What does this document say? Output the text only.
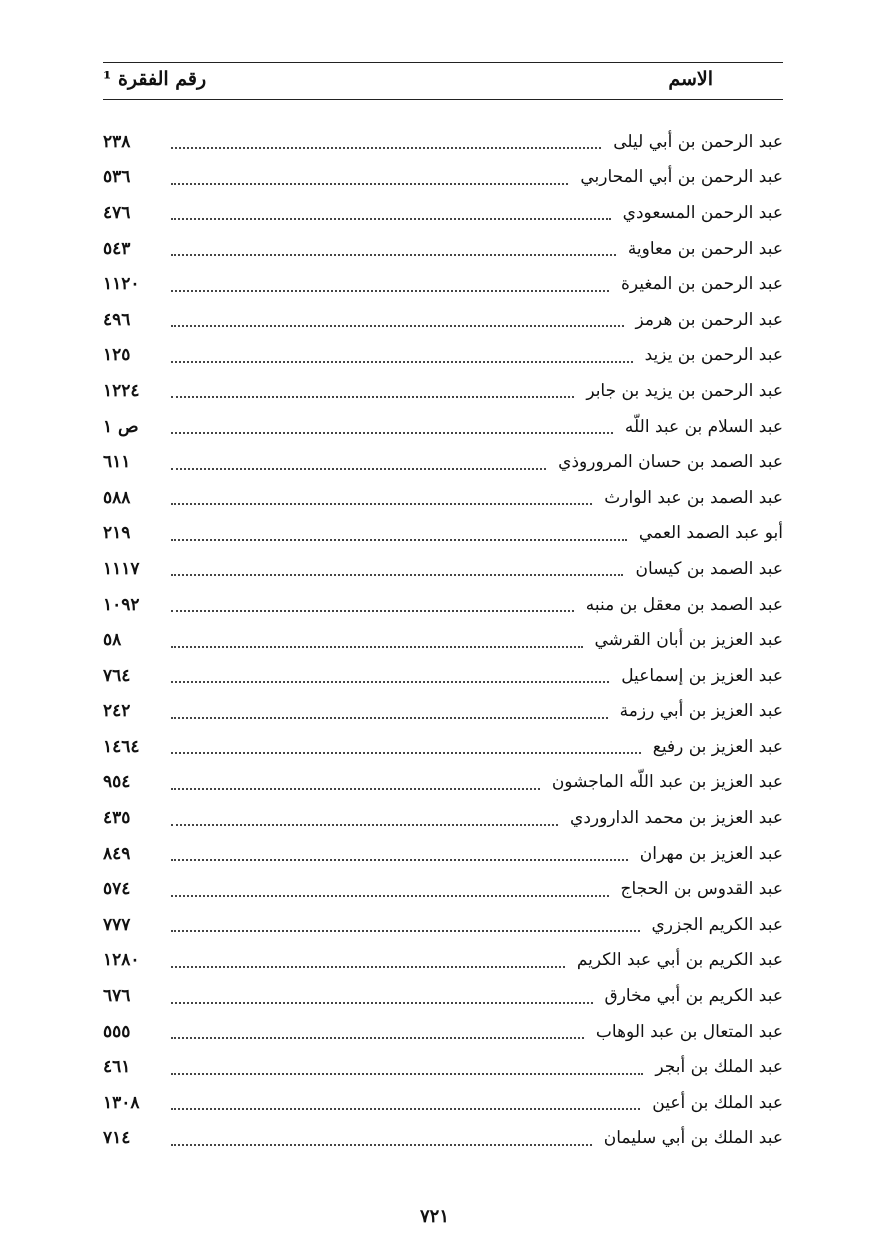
الاسم
رقم الفقرة ¹
عبد الرحمن بن أبي ليلى
٢٣٨
عبد الرحمن بن أبي المحاربي
٥٣٦
عبد الرحمن المسعودي
٤٧٦
عبد الرحمن بن معاوية
٥٤٣
عبد الرحمن بن المغيرة
١١٢٠
عبد الرحمن بن هرمز
٤٩٦
عبد الرحمن بن يزيد
١٢٥
عبد الرحمن بن يزيد بن جابر
١٢٢٤
عبد السلام بن عبد اللّه
ص ١
عبد الصمد بن حسان المروروذي
٦١١
عبد الصمد بن عبد الوارث
٥٨٨
أبو عبد الصمد العمي
٢١٩
عبد الصمد بن كيسان
١١١٧
عبد الصمد بن معقل بن منبه
١٠٩٢
عبد العزيز بن أبان القرشي
٥٨
عبد العزيز بن إسماعيل
٧٦٤
عبد العزيز بن أبي رزمة
٢٤٢
عبد العزيز بن رفيع
١٤٦٤
عبد العزيز بن عبد اللّه الماجشون
٩٥٤
عبد العزيز بن محمد الداروردي
٤٣٥
عبد العزيز بن مهران
٨٤٩
عبد القدوس بن الحجاج
٥٧٤
عبد الكريم الجزري
٧٧٧
عبد الكريم بن أبي عبد الكريم
١٢٨٠
عبد الكريم بن أبي مخارق
٦٧٦
عبد المتعال بن عبد الوهاب
٥٥٥
عبد الملك بن أبجر
٤٦١
عبد الملك بن أعين
١٣٠٨
عبد الملك بن أبي سليمان
٧١٤
٧٢١
